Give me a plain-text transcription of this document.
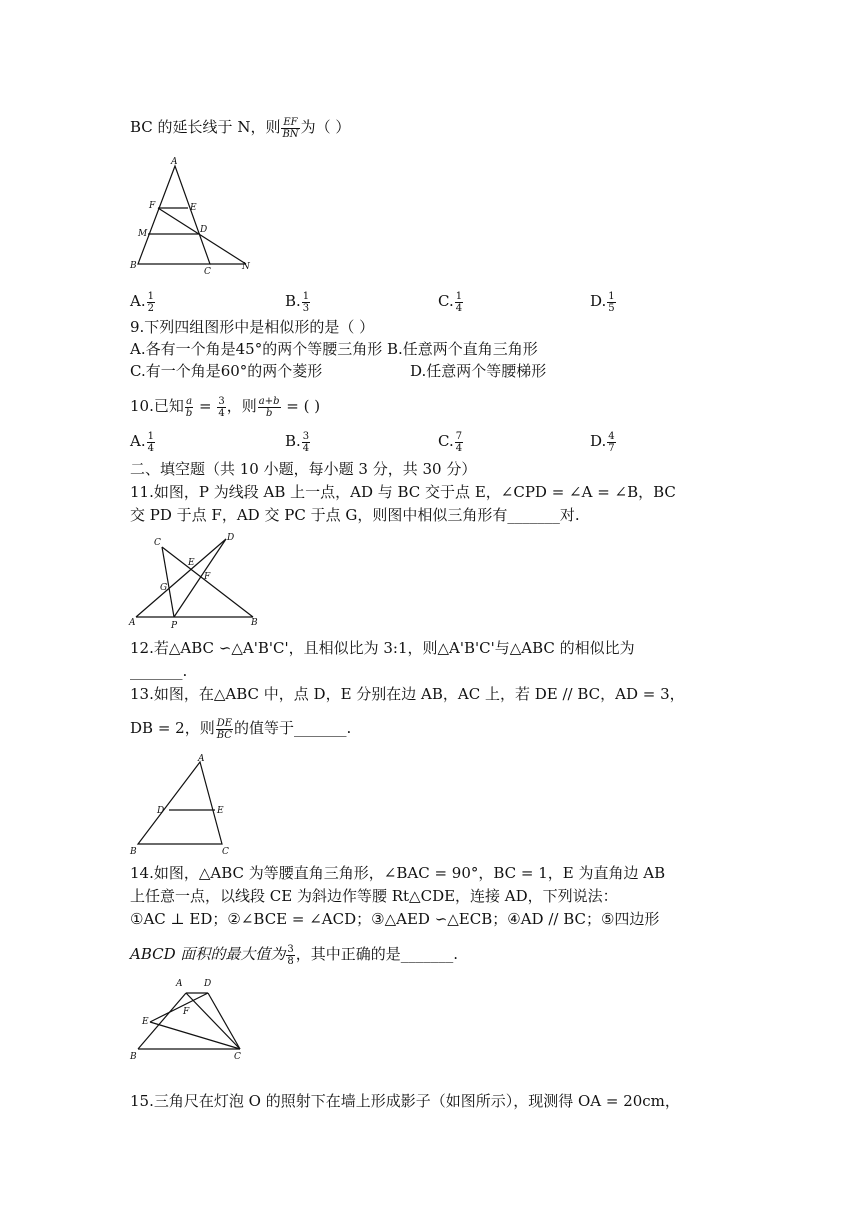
BC 的延长线于 N，则 $\frac{EF}{BN}$ 为（ ）
A
F	E
M	D
B
C	N
A. $\frac{1}{2}$	B. $\frac{1}{3}$	C. $\frac{1}{4}$	D. $\frac{1}{5}$
9.下列四组图形中是相似形的是（ ）
A.各有一个角是45°的两个等腰三角形 B.任意两个直角三角形
C.有一个角是60°的两个菱形	D.任意两个等腰梯形
10.已知 $\frac{a}{b} = \frac{3}{4}$ ，则 $\frac{a+b}{b}$ = ( )
A. $\frac{1}{4}$	B. $\frac{3}{4}$	C. $\frac{7}{4}$	D. $\frac{4}{7}$
二、填空题（共 10 小题，每小题 3 分，共 30 分）
11.如图，P 为线段 AB 上一点，AD 与 BC 交于点 E，∠CPD = ∠A = ∠B，BC
交 PD 于点 F，AD 交 PC 于点 G，则图中相似三角形有_______对.
C	D
E
F
G
A	P	B
12.若△ABC ∽△A'B'C'，且相似比为 3:1，则△A'B'C'与△ABC 的相似比为
_______.
13.如图，在△ABC 中，点 D，E 分别在边 AB，AC 上，若 DE // BC，AD = 3，
DB = 2，则 $\frac{DE}{BC}$ 的值等于_______.
A
D	E
B	C
14.如图，△ABC 为等腰直角三角形，∠BAC = 90°，BC = 1，E 为直角边 AB
上任意一点，以线段 CE 为斜边作等腰 Rt△CDE，连接 AD，下列说法：
①AC ⊥ ED；②∠BCE = ∠ACD；③△AED ∽△ECB；④AD // BC；⑤四边形
ABCD 面积的最大值为 $\frac{3}{8}$ ，其中正确的是_______.
A D
F
E
B	C
15.三角尺在灯泡 O 的照射下在墙上形成影子（如图所示），现测得 OA = 20cm，
